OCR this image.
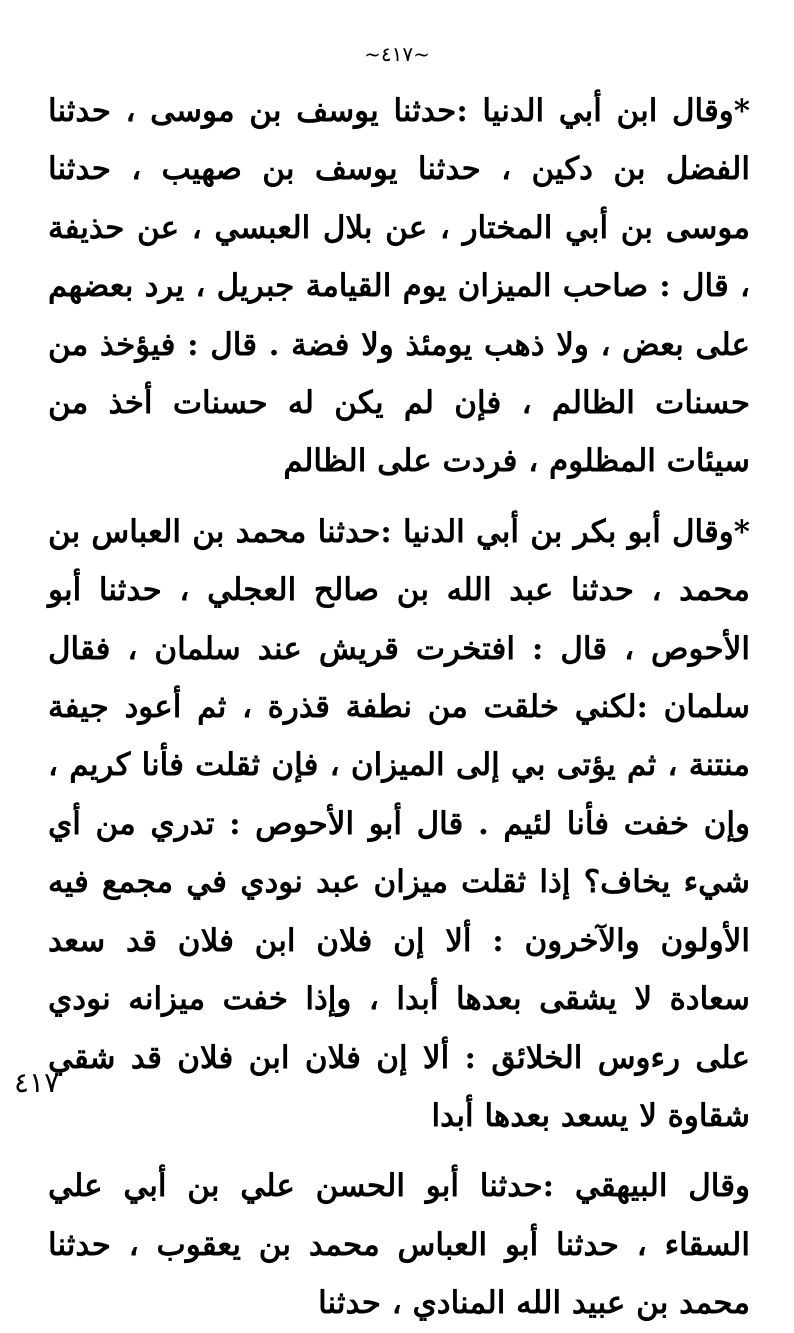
~٤١٧~

*وقال ابن أبي الدنيا :حدثنا يوسف بن موسى ، حدثنا الفضل بن دكين ، حدثنا يوسف بن صهيب ، حدثنا موسى بن أبي المختار ، عن بلال العبسي ، عن حذيفة ، قال : صاحب الميزان يوم القيامة جبريل ، يرد بعضهم على بعض ، ولا ذهب يومئذ ولا فضة . قال : فيؤخذ من حسنات الظالم ، فإن لم يكن له حسنات أخذ من سيئات المظلوم ، فردت على الظالم

*وقال أبو بكر بن أبي الدنيا :حدثنا محمد بن العباس بن محمد ، حدثنا عبد الله بن صالح العجلي ، حدثنا أبو الأحوص ، قال : افتخرت قريش عند سلمان ، فقال سلمان :لكني خلقت من نطفة قذرة ، ثم أعود جيفة منتنة ، ثم يؤتى بي إلى الميزان ، فإن ثقلت فأنا كريم ، وإن خفت فأنا لئيم . قال أبو الأحوص : تدري من أي شيء يخاف؟ إذا ثقلت ميزان عبد نودي في مجمع فيه الأولون والآخرون : ألا إن فلان ابن فلان قد سعد سعادة لا يشقى بعدها أبدا ، وإذا خفت ميزانه نودي على رءوس الخلائق : ألا إن فلان ابن فلان قد شقي شقاوة لا يسعد بعدها أبدا

وقال البيهقي :حدثنا أبو الحسن علي بن أبي علي السقاء ، حدثنا أبو العباس محمد بن يعقوب ، حدثنا محمد بن عبيد الله المنادي ، حدثنا

٤١٧
